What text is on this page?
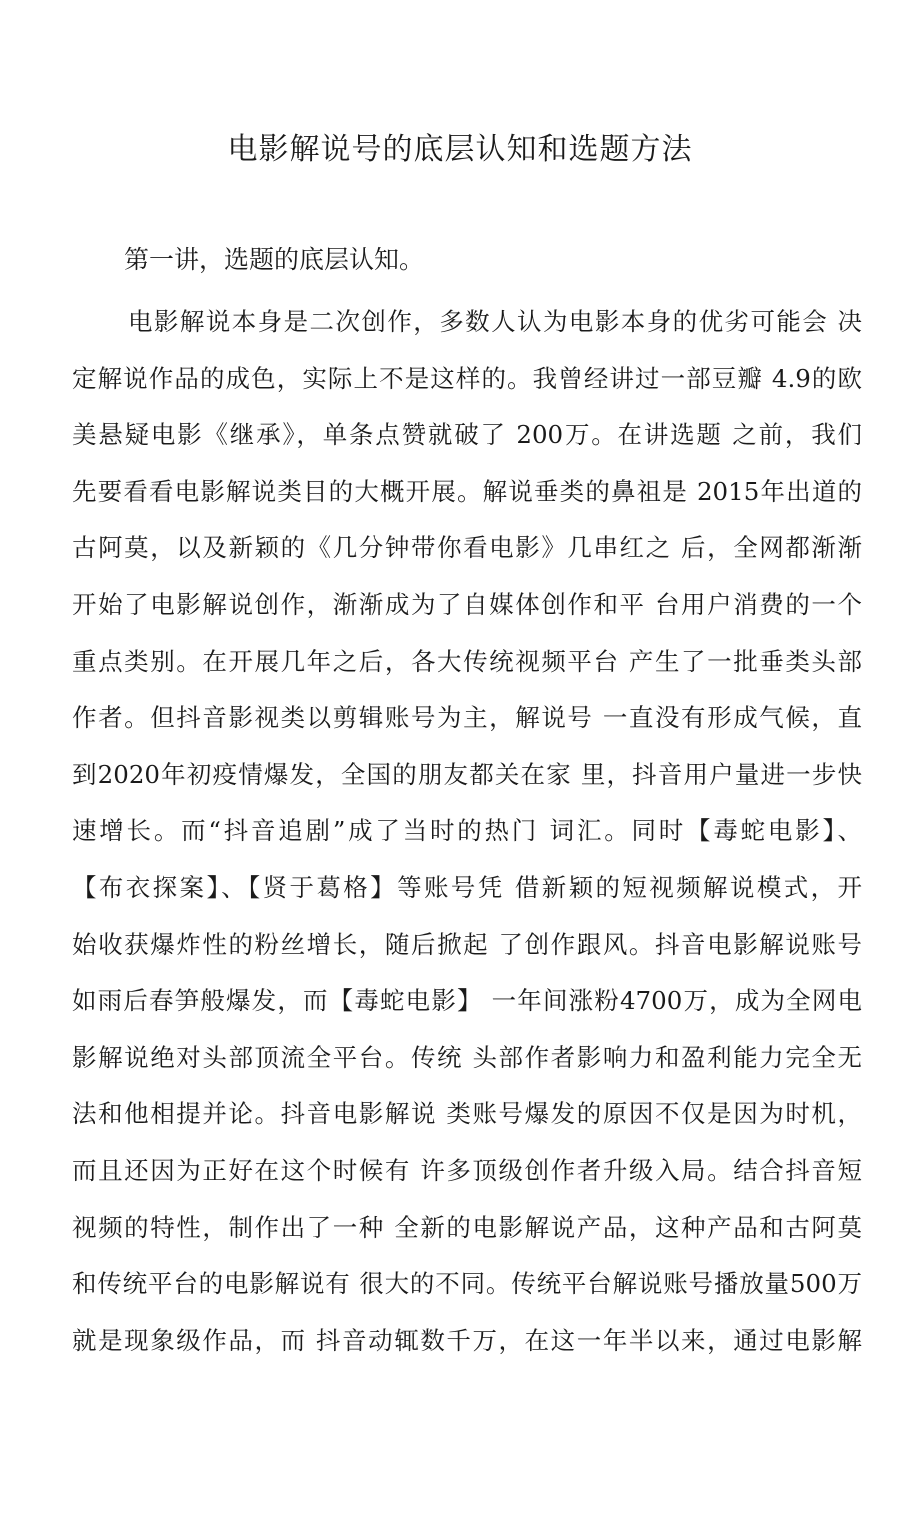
电影解说号的底层认知和选题方法
第一讲，选题的底层认知。
电影解说本身是二次创作，多数人认为电影本身的优劣可能会 决
定解说作品的成色，实际上不是这样的。我曾经讲过一部豆瓣 4.9的欧
美悬疑电影《继承》，单条点赞就破了 200万。在讲选题 之前，我们
先要看看电影解说类目的大概开展。解说垂类的鼻祖是 2015年出道的
古阿莫，以及新颖的《几分钟带你看电影》几串红之 后，全网都渐渐
开始了电影解说创作，渐渐成为了自媒体创作和平 台用户消费的一个
重点类别。在开展几年之后，各大传统视频平台 产生了一批垂类头部
作者。但抖音影视类以剪辑账号为主，解说号 一直没有形成气候，直
到2020年初疫情爆发，全国的朋友都关在家 里，抖音用户量进一步快
速增长。而“抖音追剧”成了当时的热门 词汇。同时【毒蛇电影】、
【布衣探案】、【贤于葛格】等账号凭 借新颖的短视频解说模式，开
始收获爆炸性的粉丝增长，随后掀起 了创作跟风。抖音电影解说账号
如雨后春笋般爆发，而【毒蛇电影】 一年间涨粉4700万，成为全网电
影解说绝对头部顶流全平台。传统 头部作者影响力和盈利能力完全无
法和他相提并论。抖音电影解说 类账号爆发的原因不仅是因为时机，
而且还因为正好在这个时候有 许多顶级创作者升级入局。结合抖音短
视频的特性，制作出了一种 全新的电影解说产品，这种产品和古阿莫
和传统平台的电影解说有 很大的不同。传统平台解说账号播放量500万
就是现象级作品，而 抖音动辄数千万，在这一年半以来，通过电影解
